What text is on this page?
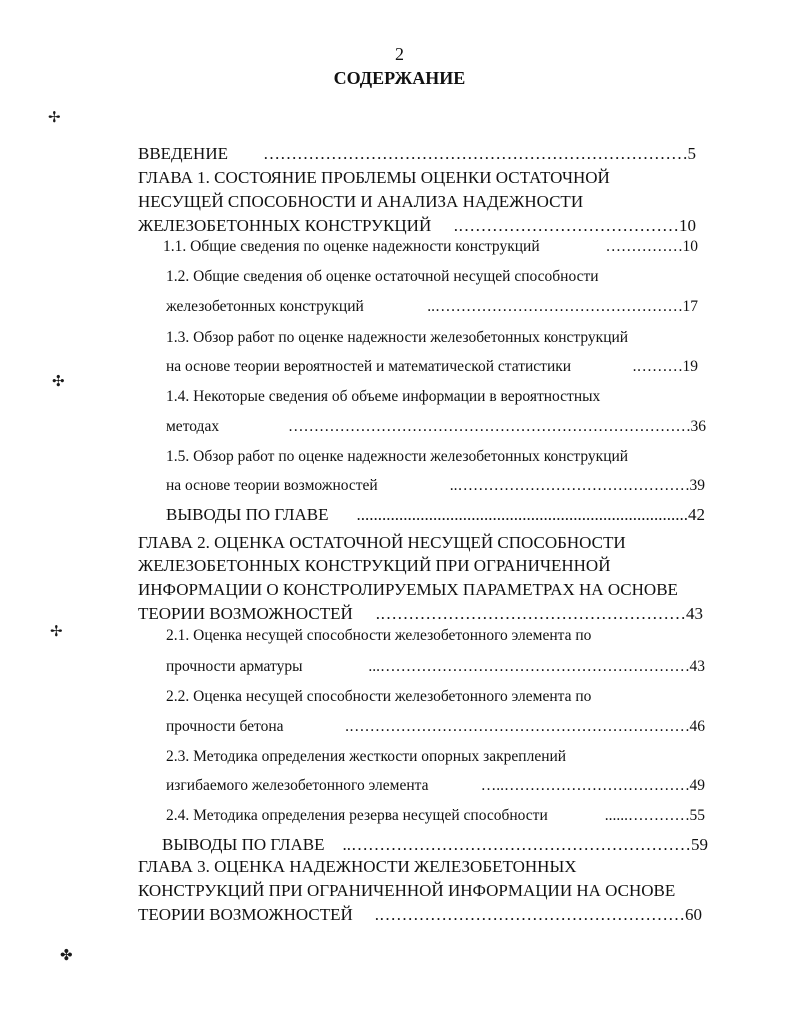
2
СОДЕРЖАНИЕ
ВВЕДЕНИЕ	………………………………………………………………… 5
ГЛАВА 1. СОСТОЯНИЕ ПРОБЛЕМЫ ОЦЕНКИ ОСТАТОЧНОЙ
НЕСУЩЕЙ СПОСОБНОСТИ И АНАЛИЗА НАДЕЖНОСТИ
ЖЕЛЕЗОБЕТОННЫХ КОНСТРУКЦИЙ	…………………………………. 10
1.1. Общие сведения по оценке надежности конструкций	…………… 10
1.2. Общие сведения об оценке остаточной несущей способности
железобетонных конструкций	………………………………………….. 17
1.3. Обзор работ по оценке надежности железобетонных конструкций
на основе теории вероятностей и математической статистики	………. 19
1.4. Некоторые сведения об объеме информации в вероятностных
методах	…………………………………………………………………… 36
1.5. Обзор работ по оценке надежности железобетонных конструкций
на основе теории возможностей	……………………………………….. 39
ВЫВОДЫ ПО ГЛАВЕ	.............................................................................. 42
ГЛАВА 2. ОЦЕНКА ОСТАТОЧНОЙ НЕСУЩЕЙ СПОСОБНОСТИ
ЖЕЛЕЗОБЕТОННЫХ КОНСТРУКЦИЙ ПРИ ОГРАНИЧЕННОЙ
ИНФОРМАЦИИ О КОНСТРОЛИРУЕМЫХ ПАРАМЕТРАХ НА ОСНОВЕ
ТЕОРИИ ВОЗМОЖНОСТЕЙ	………………………………………………. 43
2.1. Оценка несущей способности железобетонного элемента по
прочности арматуры	……………………………………………………... 43
2.2. Оценка несущей способности железобетонного элемента по
прочности бетона	…………………………………………………………. 46
2.3. Методика определения жесткости опорных закреплений
изгибаемого железобетонного элемента	………………………………..… 49
2.4. Методика определения резерва несущей способности	…………...... 55
ВЫВОДЫ ПО ГЛАВЕ	…………………………………………………….. 59
ГЛАВА 3. ОЦЕНКА НАДЕЖНОСТИ ЖЕЛЕЗОБЕТОННЫХ
КОНСТРУКЦИЙ ПРИ ОГРАНИЧЕННОЙ ИНФОРМАЦИИ НА ОСНОВЕ
ТЕОРИИ ВОЗМОЖНОСТЕЙ	………………………………………………. 60
✢
✣
✢
✤
